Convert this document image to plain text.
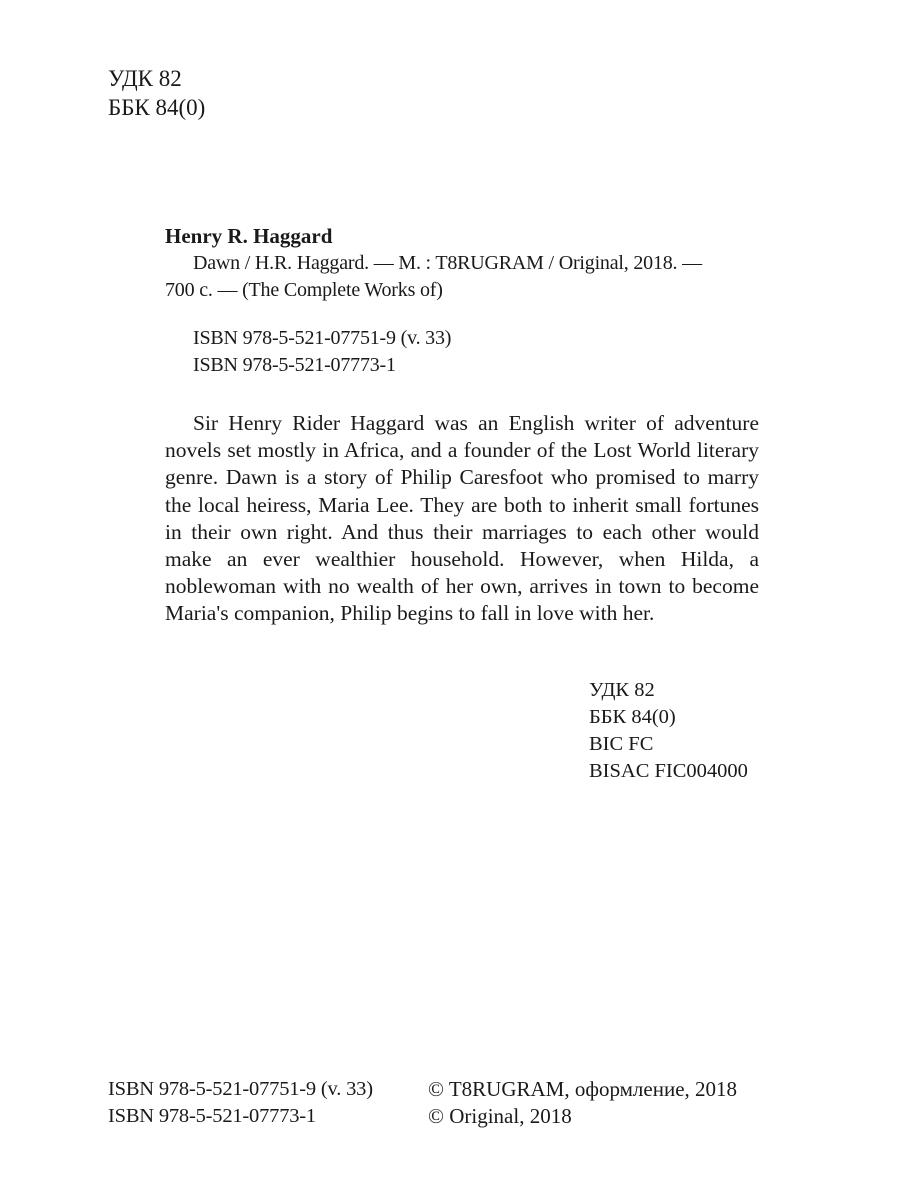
УДК 82
ББК 84(0)
Henry R. Haggard
Dawn / H.R. Haggard. — M. : T8RUGRAM / Original, 2018. —
700 c. — (The Complete Works of)
ISBN 978-5-521-07751-9 (v. 33)
ISBN 978-5-521-07773-1

Sir Henry Rider Haggard was an English writer of adventure novels set mostly in Africa, and a founder of the Lost World literary genre. Dawn is a story of Philip Caresfoot who promised to marry the local heiress, Maria Lee. They are both to inherit small fortunes in their own right. And thus their marriages to each other would make an ever wealthier household. However, when Hilda, a noblewoman with no wealth of her own, arrives in town to become Maria's companion, Philip begins to fall in love with her.

УДК 82
ББК 84(0)
BIC FC
BISAC FIC004000
ISBN 978-5-521-07751-9 (v. 33)
ISBN 978-5-521-07773-1
© T8RUGRAM, оформление, 2018
© Original, 2018
